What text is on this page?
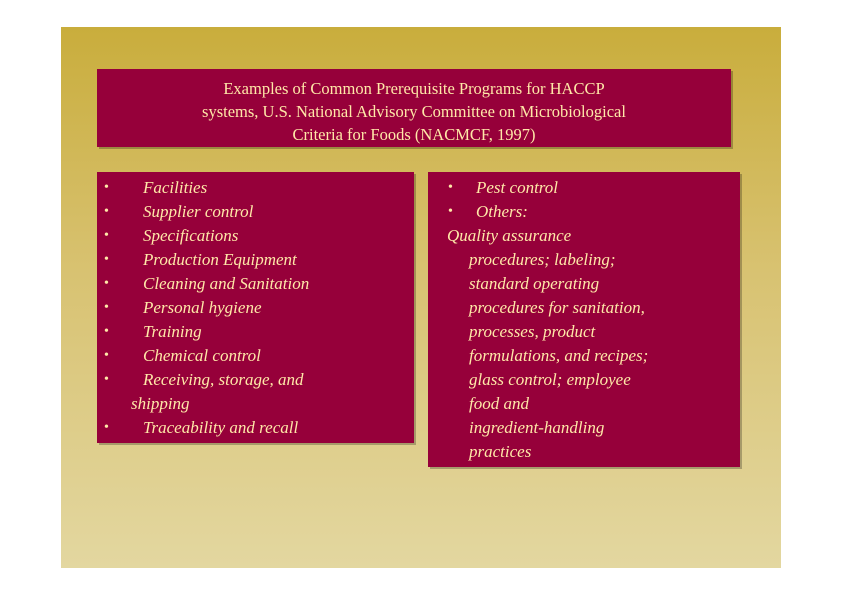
Examples of Common Prerequisite Programs for HACCP
systems, U.S. National Advisory Committee on Microbiological
Criteria for Foods (NACMCF, 1997)
• Facilities
• Supplier control
• Specifications
• Production Equipment
• Cleaning and Sanitation
• Personal hygiene
• Training
• Chemical control
• Receiving, storage, and
shipping
• Traceability and recall
• Pest control
• Others:
Quality assurance
procedures; labeling;
standard operating
procedures for sanitation,
processes, product
formulations, and recipes;
glass control; employee
food and
ingredient-handling
practices
